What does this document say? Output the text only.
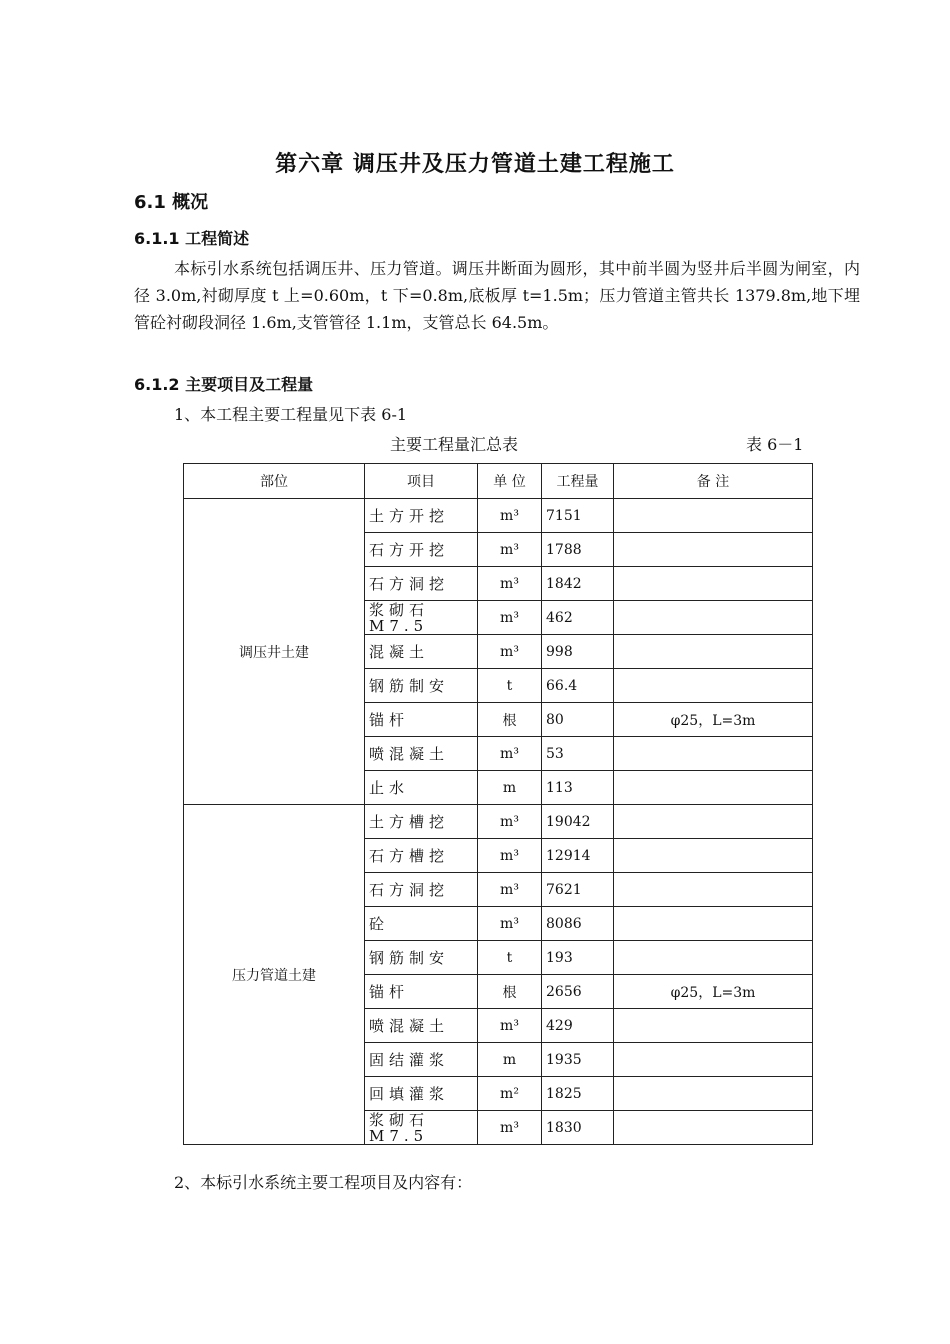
第六章 调压井及压力管道土建工程施工
6.1 概况
6.1.1 工程简述

本标引水系统包括调压井、压力管道。调压井断面为圆形，其中前半圆为竖井后半圆为闸室，内径 3.0m,衬砌厚度 t 上=0.60m，t 下=0.8m,底板厚 t=1.5m；压力管道主管共长 1379.8m,地下埋管砼衬砌段洞径 1.6m,支管管径 1.1m，支管总长 64.5m。

6.1.2 主要项目及工程量
1、本工程主要工程量见下表 6-1
主要工程量汇总表	表 6－1
部位	项目	单 位	工程量	备 注
调压井土建	土方开挖	m³	7151	
	石方开挖	m³	1788	
	石方洞挖	m³	1842	
	浆砌石 M7.5	m³	462	
	混凝土	m³	998	
	钢筋制安	t	66.4	
	锚杆	根	80	φ25，L=3m
	喷混凝土	m³	53	
	止水	m	113	
压力管道土建	土方槽挖	m³	19042	
	石方槽挖	m³	12914	
	石方洞挖	m³	7621	
	砼	m³	8086	
	钢筋制安	t	193	
	锚杆	根	2656	φ25，L=3m
	喷混凝土	m³	429	
	固结灌浆	m	1935	
	回填灌浆	m²	1825	
	浆砌石 M7.5	m³	1830	
2、本标引水系统主要工程项目及内容有：
